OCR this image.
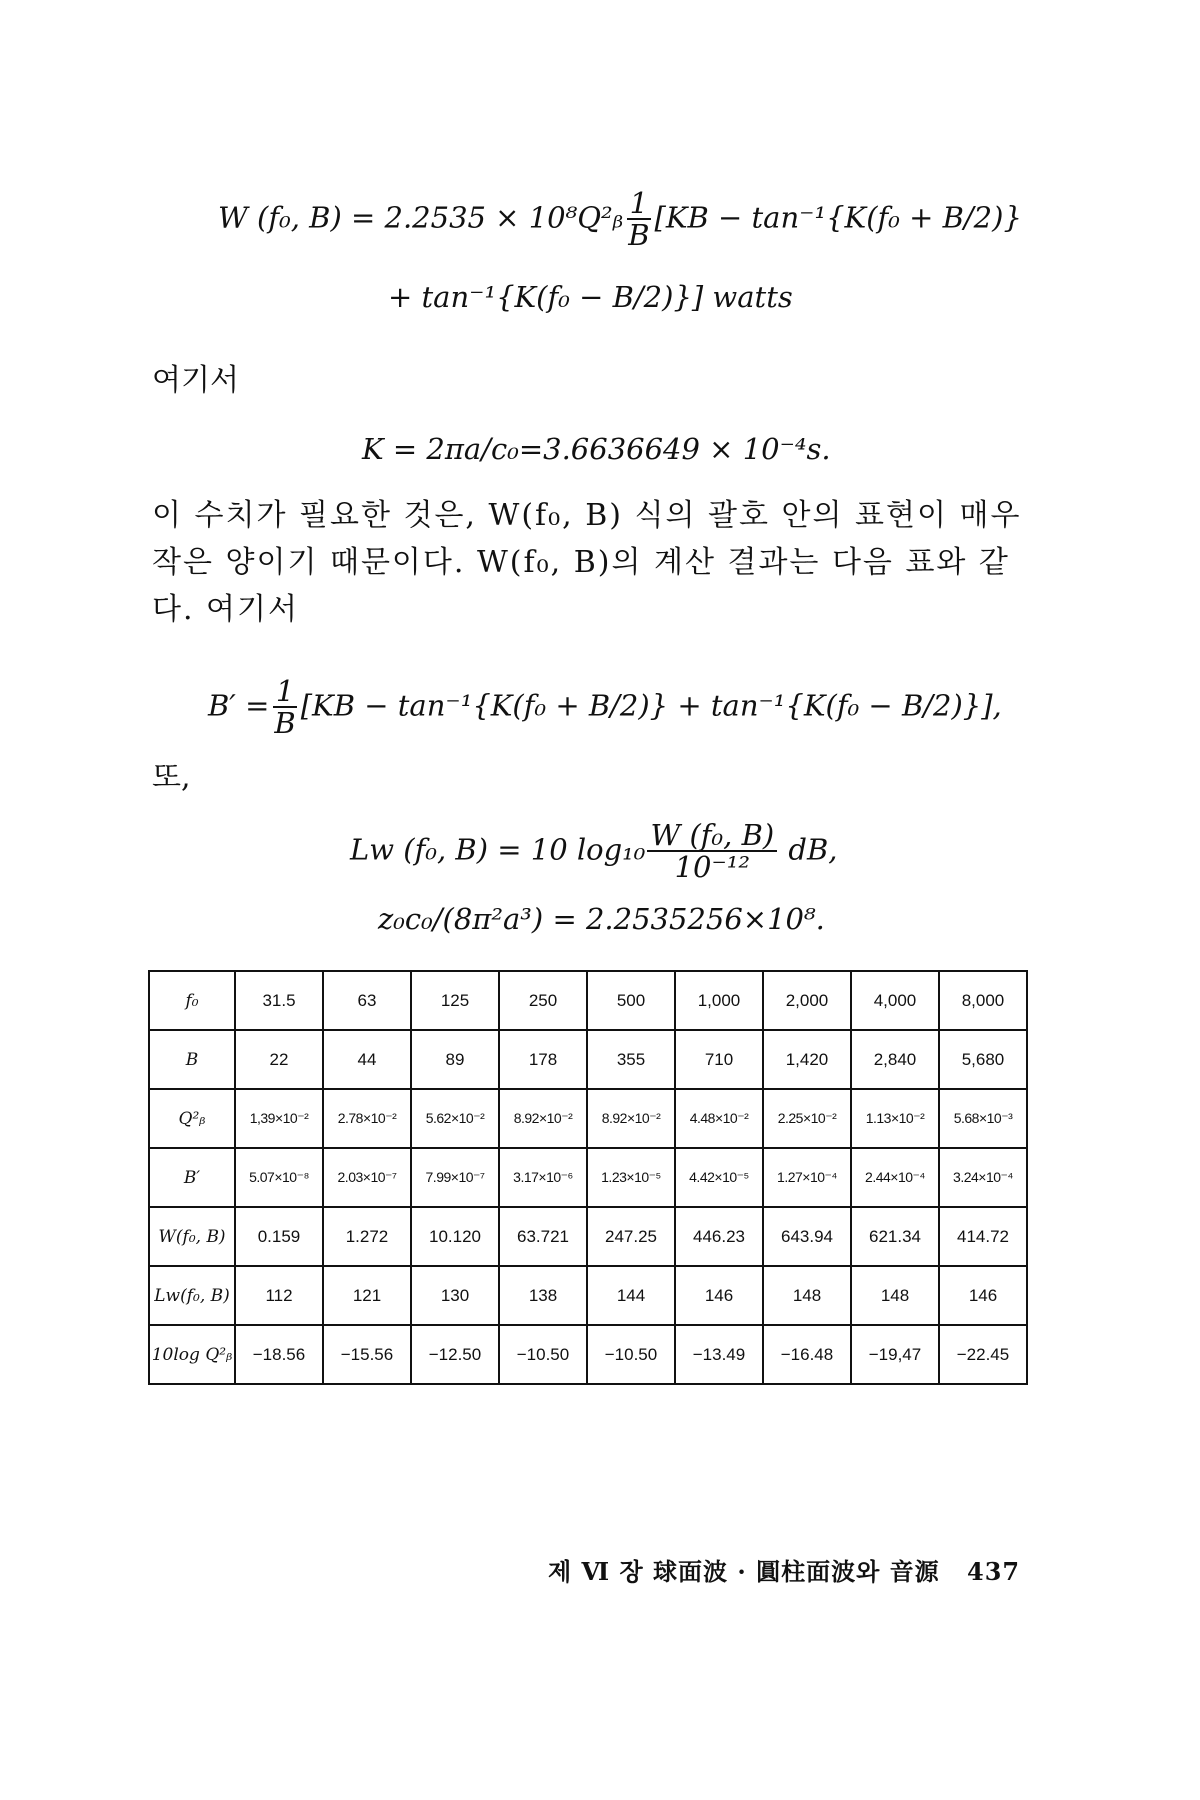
W (f₀, B) = 2.2535 × 10⁸Q²ᵦ $\frac{1}{B} [KB - \tan^{-1}\{K(f_0 + B/2)\}$
+ tan⁻¹{K(f₀ − B/2)}] watts
여기서
K = 2πa/c₀=3.6636649 × 10⁻⁴s.
이 수치가 필요한 것은, W(f₀, B) 식의 괄호 안의 표현이 매우 작은 양이기 때문이다. W(f₀, B)의 계산 결과는 다음 표와 같다. 여기서
$B' = \frac{1}{B} [KB - \tan^{-1}\{K(f_0 + B/2)\} + \tan^{-1}\{K(f_0 - B/2)\}]$,
또,
Lw (f₀, B) = 10 $\log_{10} \frac{\text{W (f₀, B)}}{\text{10⁻¹²}}$ dB,
z₀c₀/(8π²a³) = 2.2535256×10⁸.
f₀	31.5	63	125	250	500	1,000	2,000	4,000	8,000
B	22	44	89	178	355	710	1,420	2,840	5,680
Q²ᵦ	1,39×10⁻²	2.78×10⁻²	5.62×10⁻²	8.92×10⁻²	8.92×10⁻²	4.48×10⁻²	2.25×10⁻²	1.13×10⁻²	5.68×10⁻³
B′	5.07×10⁻⁸	2.03×10⁻⁷	7.99×10⁻⁷	3.17×10⁻⁶	1.23×10⁻⁵	4.42×10⁻⁵	1.27×10⁻⁴	2.44×10⁻⁴	3.24×10⁻⁴
W(f₀, B)	0.159	1.272	10.120	63.721	247.25	446.23	643.94	621.34	414.72
Lw(f₀, B)	112	121	130	138	144	146	148	148	146
10log Q²ᵦ	−18.56	−15.56	−12.50	−10.50	−10.50	−13.49	−16.48	−19,47	−22.45
제 Ⅵ 장 球面波 · 圓柱面波와 音源 437
